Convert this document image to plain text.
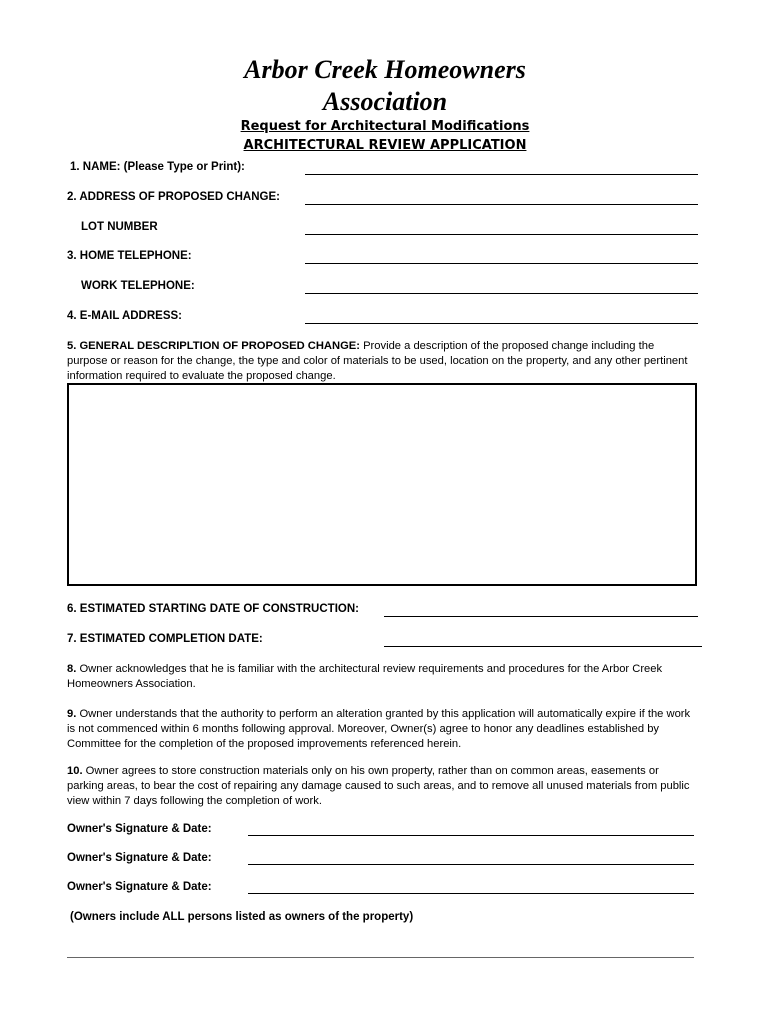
Arbor Creek Homeowners
Association
Request for Architectural Modifications
ARCHITECTURAL REVIEW APPLICATION
1. NAME: (Please Type or Print):
2. ADDRESS OF PROPOSED CHANGE:
LOT NUMBER
3. HOME TELEPHONE:
WORK TELEPHONE:
4. E-MAIL ADDRESS:
5. GENERAL DESCRIPLTION OF PROPOSED CHANGE: Provide a description of the proposed change including the purpose or reason for the change, the type and color of materials to be used, location on the property, and any other pertinent information required to evaluate the proposed change.
6. ESTIMATED STARTING DATE OF CONSTRUCTION:
7. ESTIMATED COMPLETION DATE:
8. Owner acknowledges that he is familiar with the architectural review requirements and procedures for the Arbor Creek Homeowners Association.
9. Owner understands that the authority to perform an alteration granted by this application will automatically expire if the work is not commenced within 6 months following approval. Moreover, Owner(s) agree to honor any deadlines established by Committee for the completion of the proposed improvements referenced herein.
10. Owner agrees to store construction materials only on his own property, rather than on common areas, easements or parking areas, to bear the cost of repairing any damage caused to such areas, and to remove all unused materials from public view within 7 days following the completion of work.
Owner's Signature & Date:
Owner's Signature & Date:
Owner's Signature & Date:
(Owners include ALL persons listed as owners of the property)
